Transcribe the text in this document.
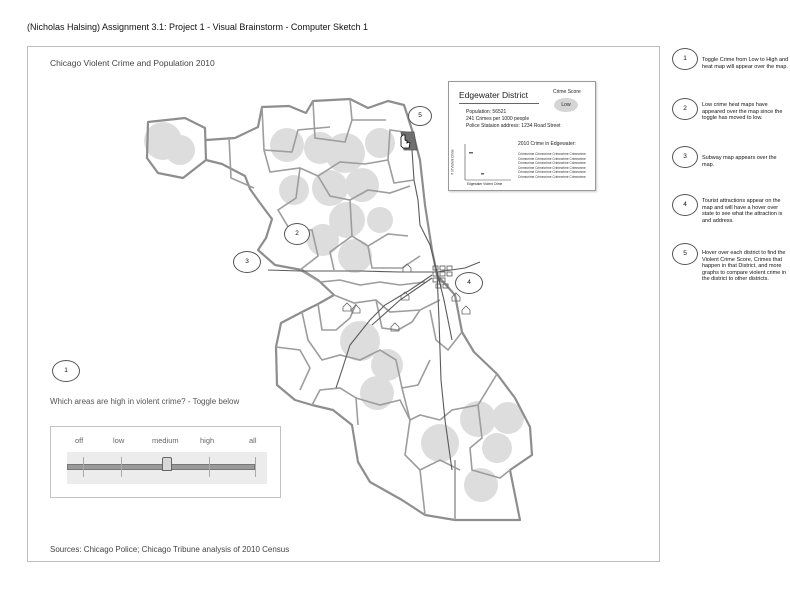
(Nicholas Halsing) Assignment 3.1: Project 1 - Visual Brainstorm - Computer Sketch 1
Chicago Violent Crime and Population 2010
5
2
3
4
1
Which areas are high in violent crime? - Toggle below
off	low	medium	high	all
Sources: Chicago Police; Chicago Tribune analysis of 2010 Census
Edgewater District	Crime Score
Low
Population: 56521
241 Crimes per 1000 people
Police Stataion address: 1234 Road Street
2010 Crime in Edgewater:
# of Violent Crime
Edgewater Violent Crime
Crimecrime Crimecrime Crimecrime Crimecrime
Crimecrime Crimecrime Crimecrime Crimecrime
Crimecrime Crimecrime Crimecrime Crimecrime
Crimecrime Crimecrime Crimecrime Crimecrime
Crimecrime Crimecrime Crimecrime Crimecrime
Crimecrime Crimecrime Crimecrime Crimecrime
1	Toggle Crime from Low to High and heat map will appear over the map.
2	Low crime heat maps have appeared over the map since the toggle has moved to low.
3	Subway map appears over the map.
4	Tourist attractions appear on the map and will have a hover over state to see what the attraction is and address.
5	Hover over each district to find the Violent Crime Score, Crimes that happen in that District, and more graphs to compare violent crime in the district to other districts.
